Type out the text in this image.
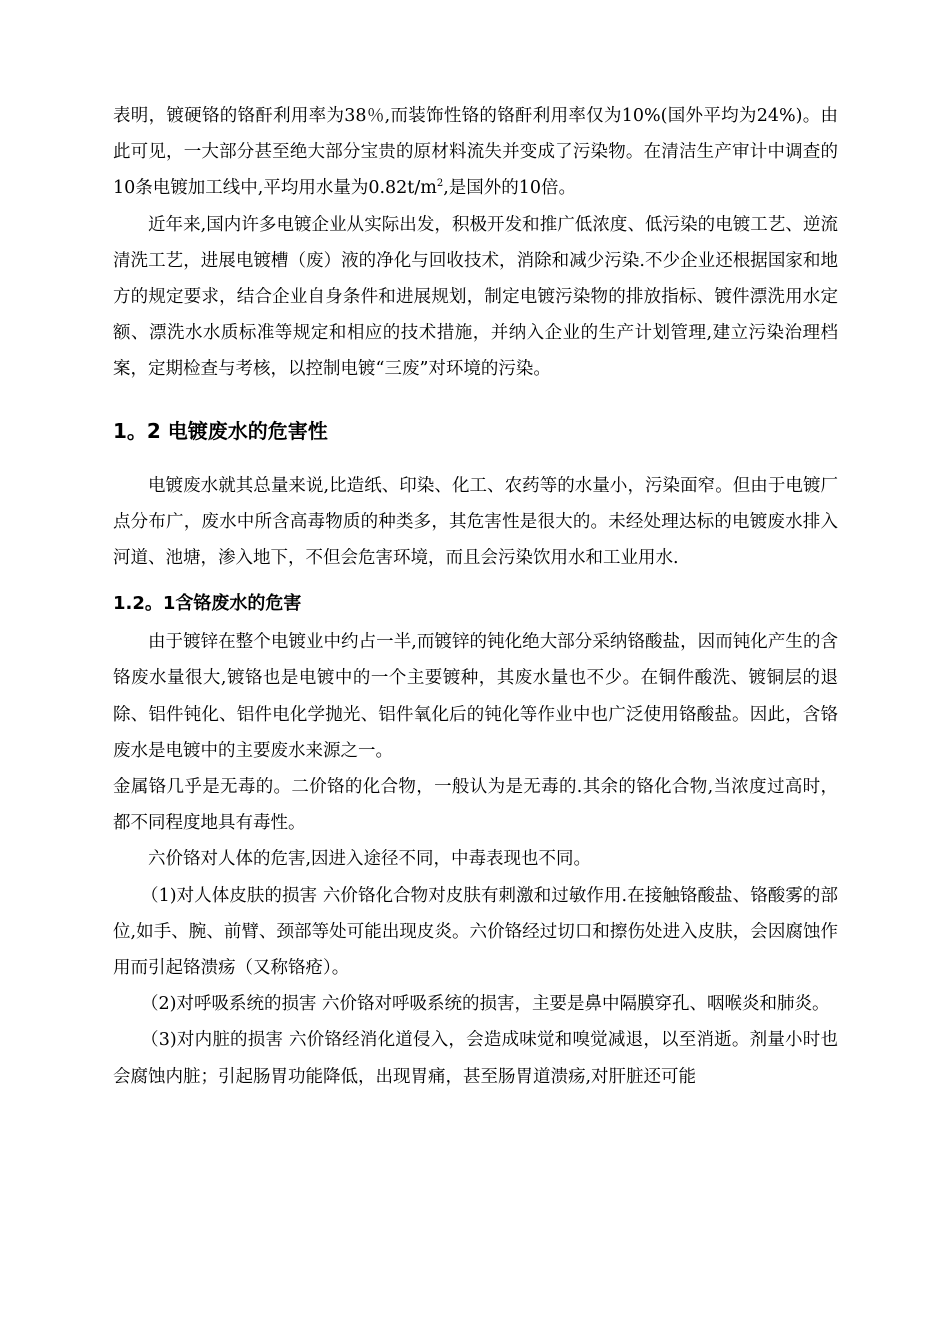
表明，镀硬铬的铬酐利用率为38％,而装饰性铬的铬酐利用率仅为10%(国外平均为24%)。由此可见，一大部分甚至绝大部分宝贵的原材料流失并变成了污染物。在清洁生产审计中调查的10条电镀加工线中,平均用水量为$0.82t/m^2$,是国外的10倍。

近年来,国内许多电镀企业从实际出发，积极开发和推广低浓度、低污染的电镀工艺、逆流清洗工艺，进展电镀槽（废）液的净化与回收技术，消除和减少污染.不少企业还根据国家和地方的规定要求，结合企业自身条件和进展规划，制定电镀污染物的排放指标、镀件漂洗用水定额、漂洗水水质标准等规定和相应的技术措施，并纳入企业的生产计划管理,建立污染治理档案，定期检查与考核，以控制电镀“三废”对环境的污染。

1。2 电镀废水的危害性

电镀废水就其总量来说,比造纸、印染、化工、农药等的水量小，污染面窄。但由于电镀厂点分布广，废水中所含高毒物质的种类多，其危害性是很大的。未经处理达标的电镀废水排入河道、池塘，渗入地下，不但会危害环境，而且会污染饮用水和工业用水.

1.2。1含铬废水的危害

由于镀锌在整个电镀业中约占一半,而镀锌的钝化绝大部分采纳铬酸盐，因而钝化产生的含铬废水量很大,镀铬也是电镀中的一个主要镀种，其废水量也不少。在铜件酸洗、镀铜层的退除、铝件钝化、铝件电化学抛光、铝件氧化后的钝化等作业中也广泛使用铬酸盐。因此，含铬废水是电镀中的主要废水来源之一。

金属铬几乎是无毒的。二价铬的化合物，一般认为是无毒的.其余的铬化合物,当浓度过高时，都不同程度地具有毒性。

六价铬对人体的危害,因进入途径不同，中毒表现也不同。

（1)对人体皮肤的损害 六价铬化合物对皮肤有刺激和过敏作用.在接触铬酸盐、铬酸雾的部位,如手、腕、前臂、颈部等处可能出现皮炎。六价铬经过切口和擦伤处进入皮肤，会因腐蚀作用而引起铬溃疡（又称铬疮）。

（2)对呼吸系统的损害 六价铬对呼吸系统的损害，主要是鼻中隔膜穿孔、咽喉炎和肺炎。

（3)对内脏的损害 六价铬经消化道侵入，会造成味觉和嗅觉减退，以至消逝。剂量小时也会腐蚀内脏；引起肠胃功能降低，出现胃痛，甚至肠胃道溃疡,对肝脏还可能
